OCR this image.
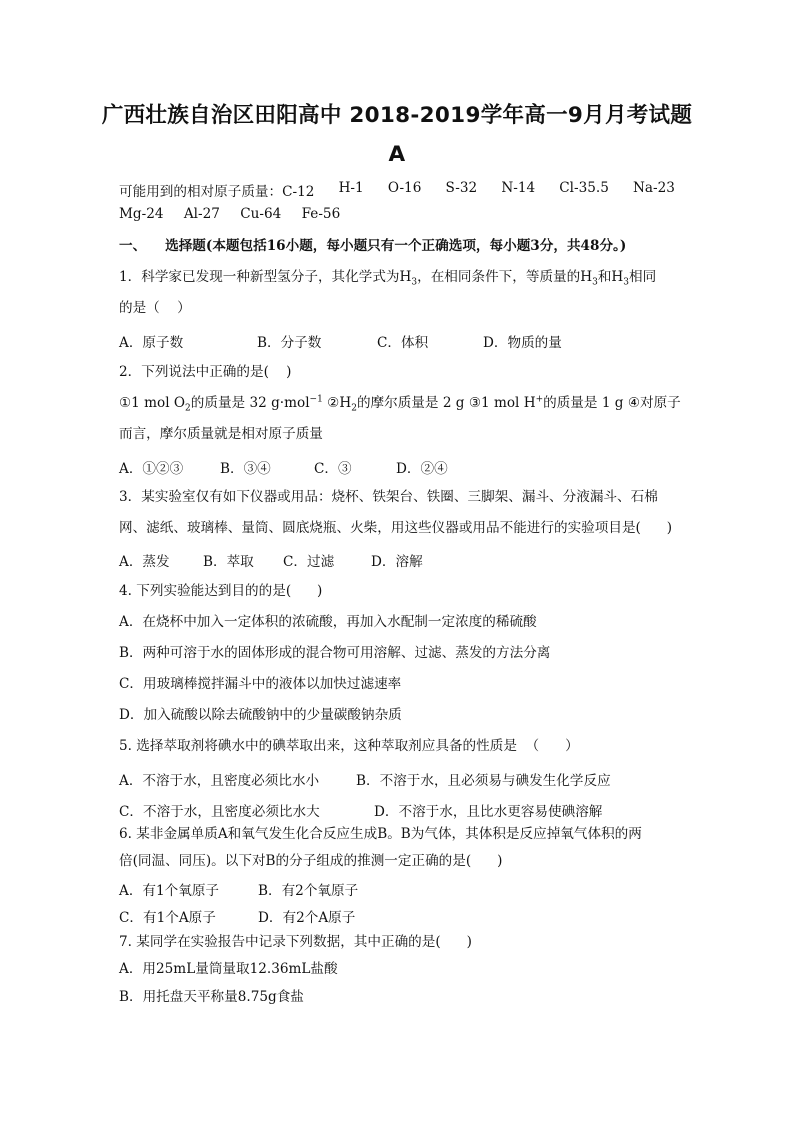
广西壮族自治区田阳高中 2018-2019学年高一9月月考试题
A
可能用到的相对原子质量：C-12 H-1 O-16 S-32 N-14 Cl-35.5 Na-23
Mg-24 Al-27 Cu-64 Fe-56
一、    选择题(本题包括16小题，每小题只有一个正确选项，每小题3分，共48分。)
1．科学家已发现一种新型氢分子，其化学式为$H_3$，在相同条件下，等质量的$H_3$和$H_3$相同
的是（    ）
A．原子数	B．分子数	C．体积	D．物质的量
2．下列说法中正确的是(    )
①1 mol $O_2$的质量是 32 g·mol$^{-1}$ $②H_2$的摩尔质量是 2 g ③1 mol H+的质量是 1 g ④对原子
而言，摩尔质量就是相对原子质量
A．①②③	B．③④	C．③	D．②④
3．某实验室仅有如下仪器或用品：烧杯、铁架台、铁圈、三脚架、漏斗、分液漏斗、石棉
网、滤纸、玻璃棒、量筒、圆底烧瓶、火柴，用这些仪器或用品不能进行的实验项目是(      )
A．蒸发 B．萃取 C．过滤	D．溶解
4. 下列实验能达到目的的是(      )
A．在烧杯中加入一定体积的浓硫酸，再加入水配制一定浓度的稀硫酸
B．两种可溶于水的固体形成的混合物可用溶解、过滤、蒸发的方法分离
C．用玻璃棒搅拌漏斗中的液体以加快过滤速率
D．加入硫酸以除去硫酸钠中的少量碳酸钠杂质
5. 选择萃取剂将碘水中的碘萃取出来，这种萃取剂应具备的性质是  （      ）
A．不溶于水，且密度必须比水小	B．不溶于水，且必须易与碘发生化学反应
C．不溶于水，且密度必须比水大	D．不溶于水，且比水更容易使碘溶解
6. 某非金属单质A和氧气发生化合反应生成B。B为气体，其体积是反应掉氧气体积的两
倍(同温、同压)。以下对B的分子组成的推测一定正确的是(      )
A．有1个氧原子	B．有2个氧原子
C．有1个A原子	D．有2个A原子
7. 某同学在实验报告中记录下列数据，其中正确的是(      )
A．用25mL量筒量取12.36mL盐酸
B．用托盘天平称量8.75g食盐
